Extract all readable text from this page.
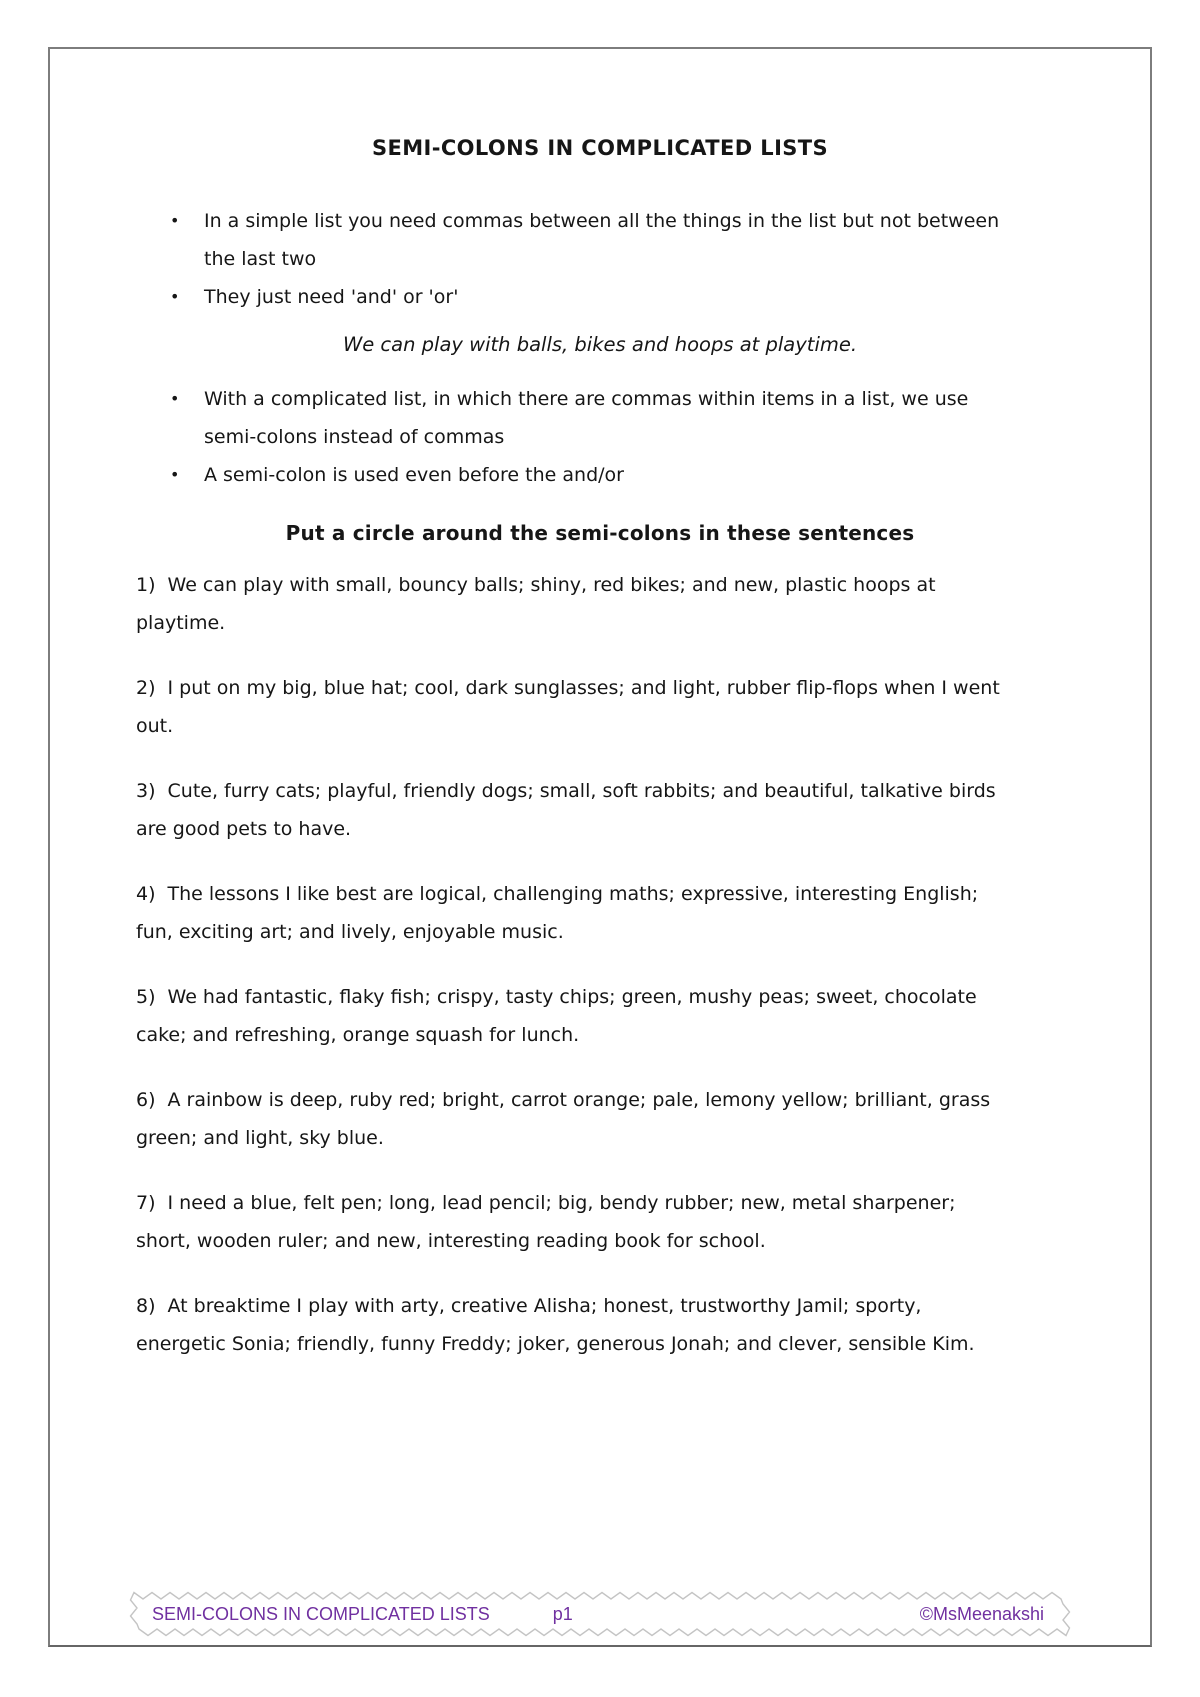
SEMI-COLONS IN COMPLICATED LISTS
•	In a simple list you need commas between all the things in the list but not between the last two
•	They just need 'and' or 'or'

We can play with balls, bikes and hoops at playtime.

•	With a complicated list, in which there are commas within items in a list, we use semi-colons instead of commas
•	A semi-colon is used even before the and/or
Put a circle around the semi-colons in these sentences

1) We can play with small, bouncy balls; shiny, red bikes; and new, plastic hoops at playtime.

2) I put on my big, blue hat; cool, dark sunglasses; and light, rubber flip-flops when I went out.

3) Cute, furry cats; playful, friendly dogs; small, soft rabbits; and beautiful, talkative birds are good pets to have.

4) The lessons I like best are logical, challenging maths; expressive, interesting English; fun, exciting art; and lively, enjoyable music.

5) We had fantastic, flaky fish; crispy, tasty chips; green, mushy peas; sweet, chocolate cake; and refreshing, orange squash for lunch.

6) A rainbow is deep, ruby red; bright, carrot orange; pale, lemony yellow; brilliant, grass green; and light, sky blue.

7) I need a blue, felt pen; long, lead pencil; big, bendy rubber; new, metal sharpener; short, wooden ruler; and new, interesting reading book for school.

8) At breaktime I play with arty, creative Alisha; honest, trustworthy Jamil; sporty, energetic Sonia; friendly, funny Freddy; joker, generous Jonah; and clever, sensible Kim.

SEMI-COLONS IN COMPLICATED LISTS	p1	©MsMeenakshi
